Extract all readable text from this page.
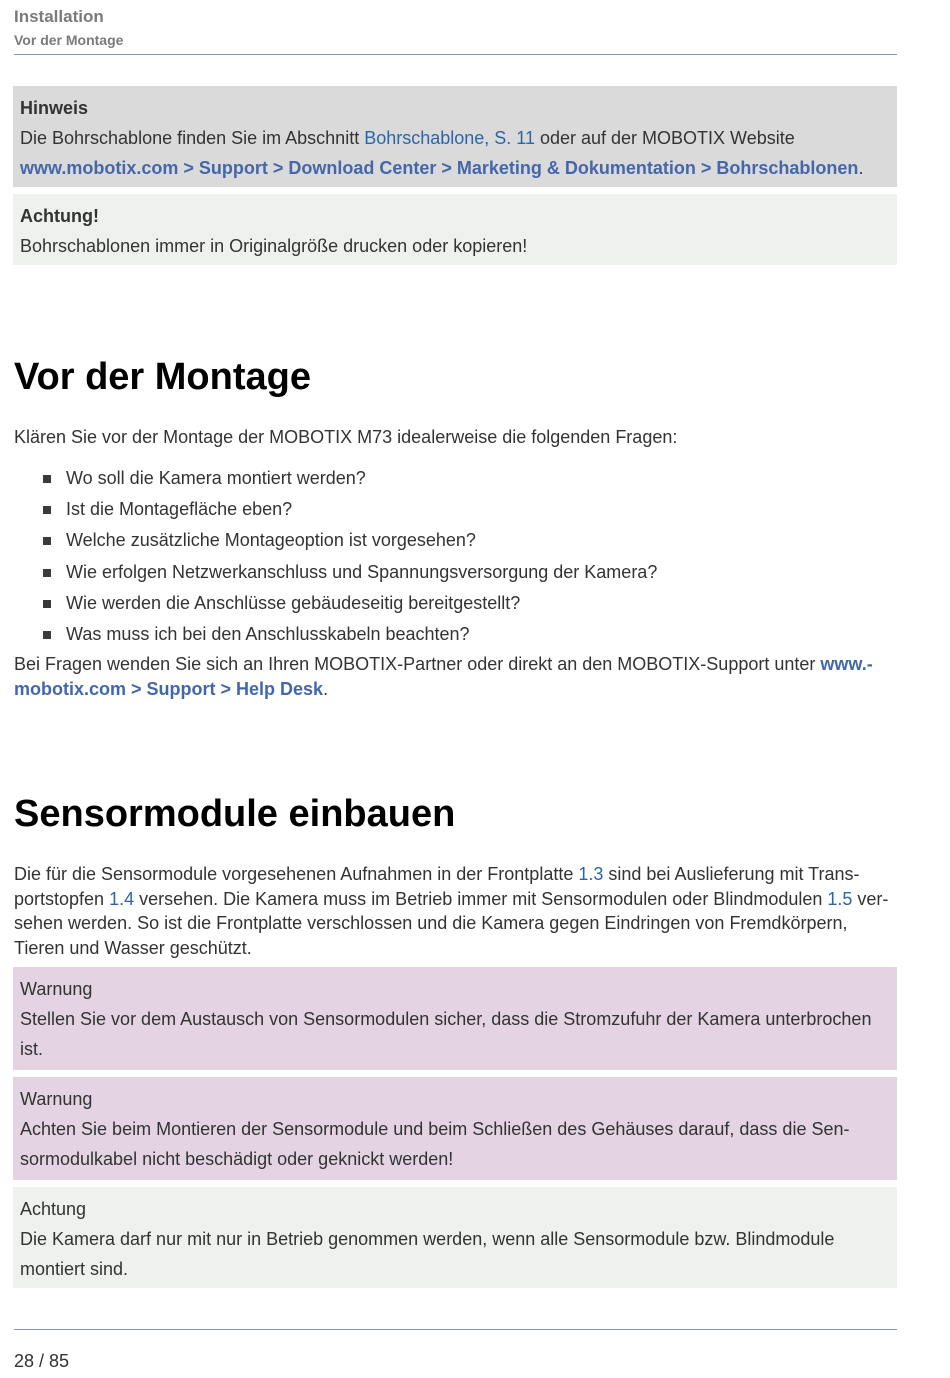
Installation
Vor der Montage
Hinweis
Die Bohrschablone finden Sie im Abschnitt Bohrschablone, S. 11 oder auf der MOBOTIX Website
www.mobotix.com > Support > Download Center > Marketing & Dokumentation > Bohrschablonen.
Achtung!
Bohrschablonen immer in Originalgröße drucken oder kopieren!
Vor der Montage
Klären Sie vor der Montage der MOBOTIX M73 idealerweise die folgenden Fragen:
Wo soll die Kamera montiert werden?
Ist die Montagefläche eben?
Welche zusätzliche Montageoption ist vorgesehen?
Wie erfolgen Netzwerkanschluss und Spannungsversorgung der Kamera?
Wie werden die Anschlüsse gebäudeseitig bereitgestellt?
Was muss ich bei den Anschlusskabeln beachten?
Bei Fragen wenden Sie sich an Ihren MOBOTIX-Partner oder direkt an den MOBOTIX-Support unter www.-
mobotix.com > Support > Help Desk.
Sensormodule einbauen
Die für die Sensormodule vorgesehenen Aufnahmen in der Frontplatte 1.3 sind bei Auslieferung mit Trans-
portstopfen 1.4 versehen. Die Kamera muss im Betrieb immer mit Sensormodulen oder Blindmodulen 1.5 ver-
sehen werden. So ist die Frontplatte verschlossen und die Kamera gegen Eindringen von Fremdkörpern,
Tieren und Wasser geschützt.
Warnung
Stellen Sie vor dem Austausch von Sensormodulen sicher, dass die Stromzufuhr der Kamera unterbrochen ist.
Warnung
Achten Sie beim Montieren der Sensormodule und beim Schließen des Gehäuses darauf, dass die Sen-sormodulkabel nicht beschädigt oder geknickt werden!
Achtung
Die Kamera darf nur mit nur in Betrieb genommen werden, wenn alle Sensormodule bzw. Blindmodule montiert sind.
28 / 85
